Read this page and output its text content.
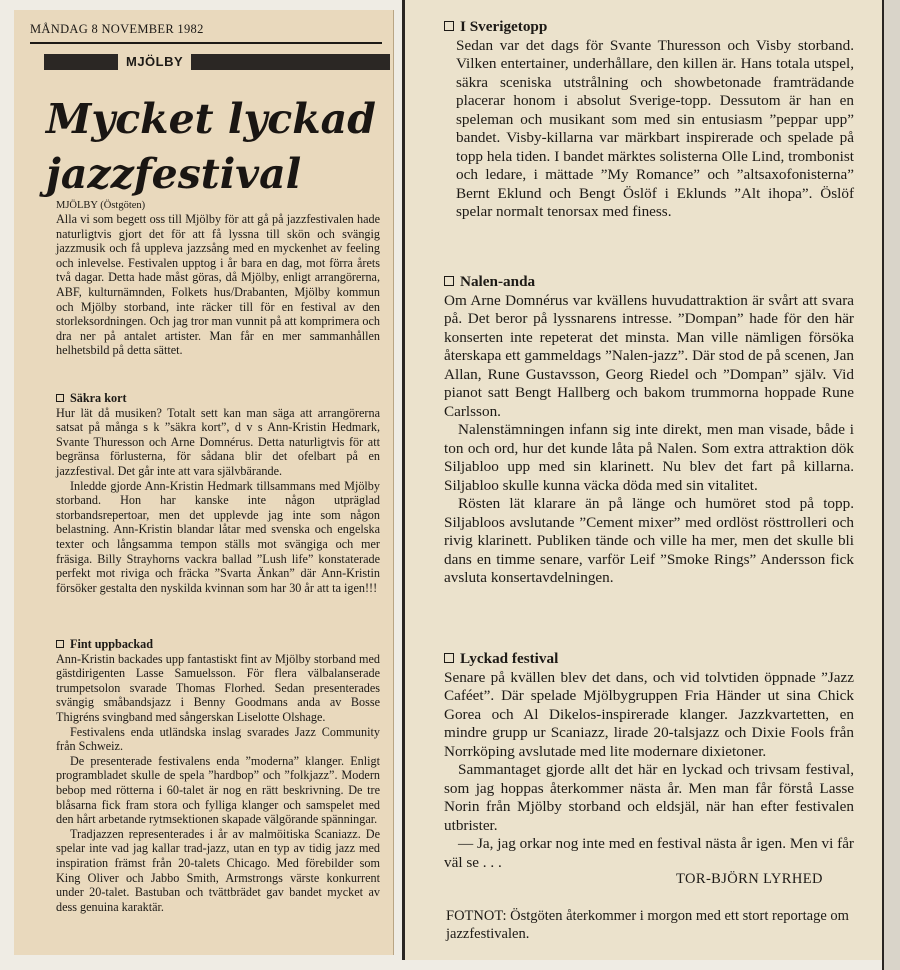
MÅNDAG 8 NOVEMBER 1982
MJÖLBY
Mycket lyckad jazzfestival
MJÖLBY (Östgöten)

Alla vi som begett oss till Mjölby för att gå på jazzfestivalen hade naturligtvis gjort det för att få lyssna till skön och svängig jazzmusik och få uppleva jazzsång med en myckenhet av feeling och inlevelse. Festivalen upptog i år bara en dag, mot förra årets två dagar. Detta hade måst göras, då Mjölby, enligt arrangörerna, ABF, kulturnämnden, Folkets hus/Drabanten, Mjölby kommun och Mjölby storband, inte räcker till för en festival av den storleksordningen. Och jag tror man vunnit på att komprimera och dra ner på antalet artister. Man får en mer sammanhållen helhetsbild på detta sättet.

Säkra kort

Hur lät då musiken? Totalt sett kan man säga att arrangörerna satsat på många s k ”säkra kort”, d v s Ann-Kristin Hedmark, Svante Thuresson och Arne Domnérus. Detta naturligtvis för att begränsa förlusterna, för sådana blir det ofelbart på en jazzfestival. Det går inte att vara självbärande.

Inledde gjorde Ann-Kristin Hedmark tillsammans med Mjölby storband. Hon har kanske inte någon utpräglad storbandsrepertoar, men det upplevde jag inte som någon belastning. Ann-Kristin blandar låtar med svenska och engelska texter och långsamma tempon ställs mot svängiga och mer fräsiga. Billy Strayhorns vackra ballad ”Lush life” konstaterade perfekt mot riviga och fräcka ”Svarta Änkan” där Ann-Kristin försöker gestalta den nyskilda kvinnan som har 30 år att ta igen!!!

Fint uppbackad

Ann-Kristin backades upp fantastiskt fint av Mjölby storband med gästdirigenten Lasse Samuelsson. För flera välbalanserade trumpetsolon svarade Thomas Florhed. Sedan presenterades svängig småbandsjazz i Benny Goodmans anda av Bosse Thigréns svingband med sångerskan Liselotte Olshage.

Festivalens enda utländska inslag svarades Jazz Community från Schweiz.

De presenterade festivalens enda ”moderna” klanger. Enligt programbladet skulle de spela ”hardbop” och ”folkjazz”. Modern bebop med rötterna i 60-talet är nog en rätt beskrivning. De tre blåsarna fick fram stora och fylliga klanger och samspelet med den hårt arbetande rytmsektionen skapade välgörande spänningar.

Tradjazzen representerades i år av malmöitiska Scaniazz. De spelar inte vad jag kallar trad-jazz, utan en typ av tidig jazz med inspiration främst från 20-talets Chicago. Med förebilder som King Oliver och Jabbo Smith, Armstrongs värste konkurrent under 20-talet. Bastuban och tvättbrädet gav bandet mycket av dess genuina karaktär.

I Sverigetopp

Sedan var det dags för Svante Thuresson och Visby storband. Vilken entertainer, underhållare, den killen är. Hans totala utspel, säkra sceniska utstrålning och showbetonade framträdande placerar honom i absolut Sverige-topp. Dessutom är han en speleman och musikant som med sin entusiasm ”peppar upp” bandet. Visby-killarna var märkbart inspirerade och spelade på topp hela tiden. I bandet märktes solisterna Olle Lind, trombonist och ledare, i mättade ”My Romance” och ”altsaxofonisterna” Bernt Eklund och Bengt Öslöf i Eklunds ”Alt ihopa”. Öslöf spelar normalt tenorsax med finess.

Nalen-anda

Om Arne Domnérus var kvällens huvudattraktion är svårt att svara på. Det beror på lyssnarens intresse. ”Dompan” hade för den här konserten inte repeterat det minsta. Man ville nämligen försöka återskapa ett gammeldags ”Nalen-jazz”. Där stod de på scenen, Jan Allan, Rune Gustavsson, Georg Riedel och ”Dompan” själv. Vid pianot satt Bengt Hallberg och bakom trummorna hoppade Rune Carlsson.

Nalenstämningen infann sig inte direkt, men man visade, både i ton och ord, hur det kunde låta på Nalen. Som extra attraktion dök Siljabloo upp med sin klarinett. Nu blev det fart på killarna. Siljabloo skulle kunna väcka döda med sin vitalitet.

Rösten lät klarare än på länge och humöret stod på topp. Siljabloos avslutande ”Cement mixer” med ordlöst rösttrolleri och rivig klarinett. Publiken tände och ville ha mer, men det skulle bli dans en timme senare, varför Leif ”Smoke Rings” Andersson fick avsluta konsertavdelningen.

Lyckad festival

Senare på kvällen blev det dans, och vid tolvtiden öppnade ”Jazz Caféet”. Där spelade Mjölbygruppen Fria Händer ut sina Chick Gorea och Al Dikelos-inspirerade klanger. Jazzkvartetten, en mindre grupp ur Scaniazz, lirade 20-talsjazz och Dixie Fools från Norrköping avslutade med lite modernare dixietoner.

Sammantaget gjorde allt det här en lyckad och trivsam festival, som jag hoppas återkommer nästa år. Men man får förstå Lasse Norin från Mjölby storband och eldsjäl, när han efter festivalen utbrister.

— Ja, jag orkar nog inte med en festival nästa år igen. Men vi får väl se . . .

TOR-BJÖRN LYRHED
FOTNOT: Östgöten återkommer i morgon med ett stort reportage om jazzfestivalen.
